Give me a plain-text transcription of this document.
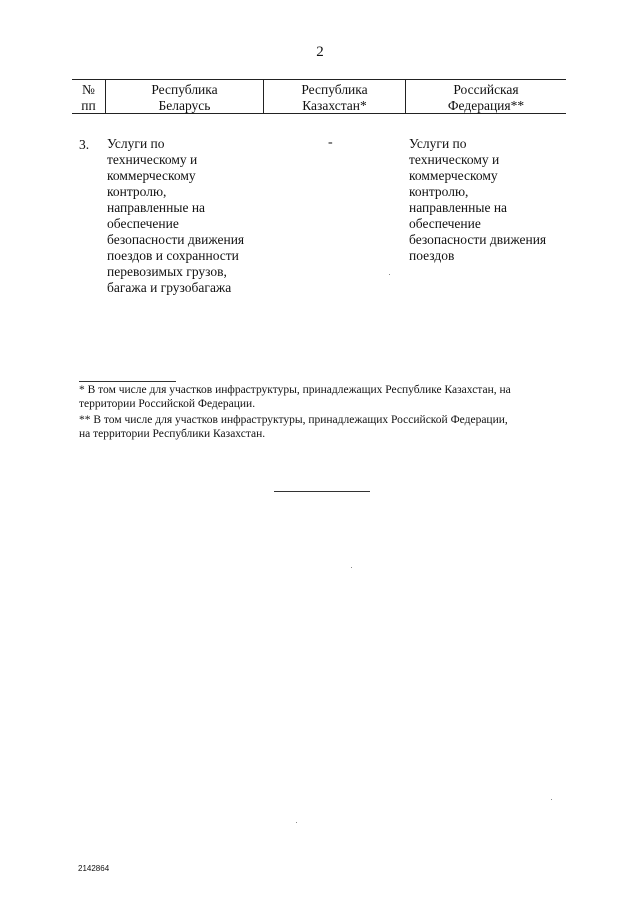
2
№
пп
Республика
Беларусь
Республика
Казахстан*
Российская
Федерация**
3. Услуги по
техническому и
коммерческому
контролю,
направленные на
обеспечение
безопасности движения
поездов и сохранности
перевозимых грузов,
багажа и грузобагажа
-	Услуги по
техническому и
коммерческому
контролю,
направленные на
обеспечение
безопасности движения
поездов
* В том числе для участков инфраструктуры, принадлежащих Республике Казахстан, на
территории Российской Федерации.
** В том числе для участков инфраструктуры, принадлежащих Российской Федерации,
на территории Республики Казахстан.
2142864
